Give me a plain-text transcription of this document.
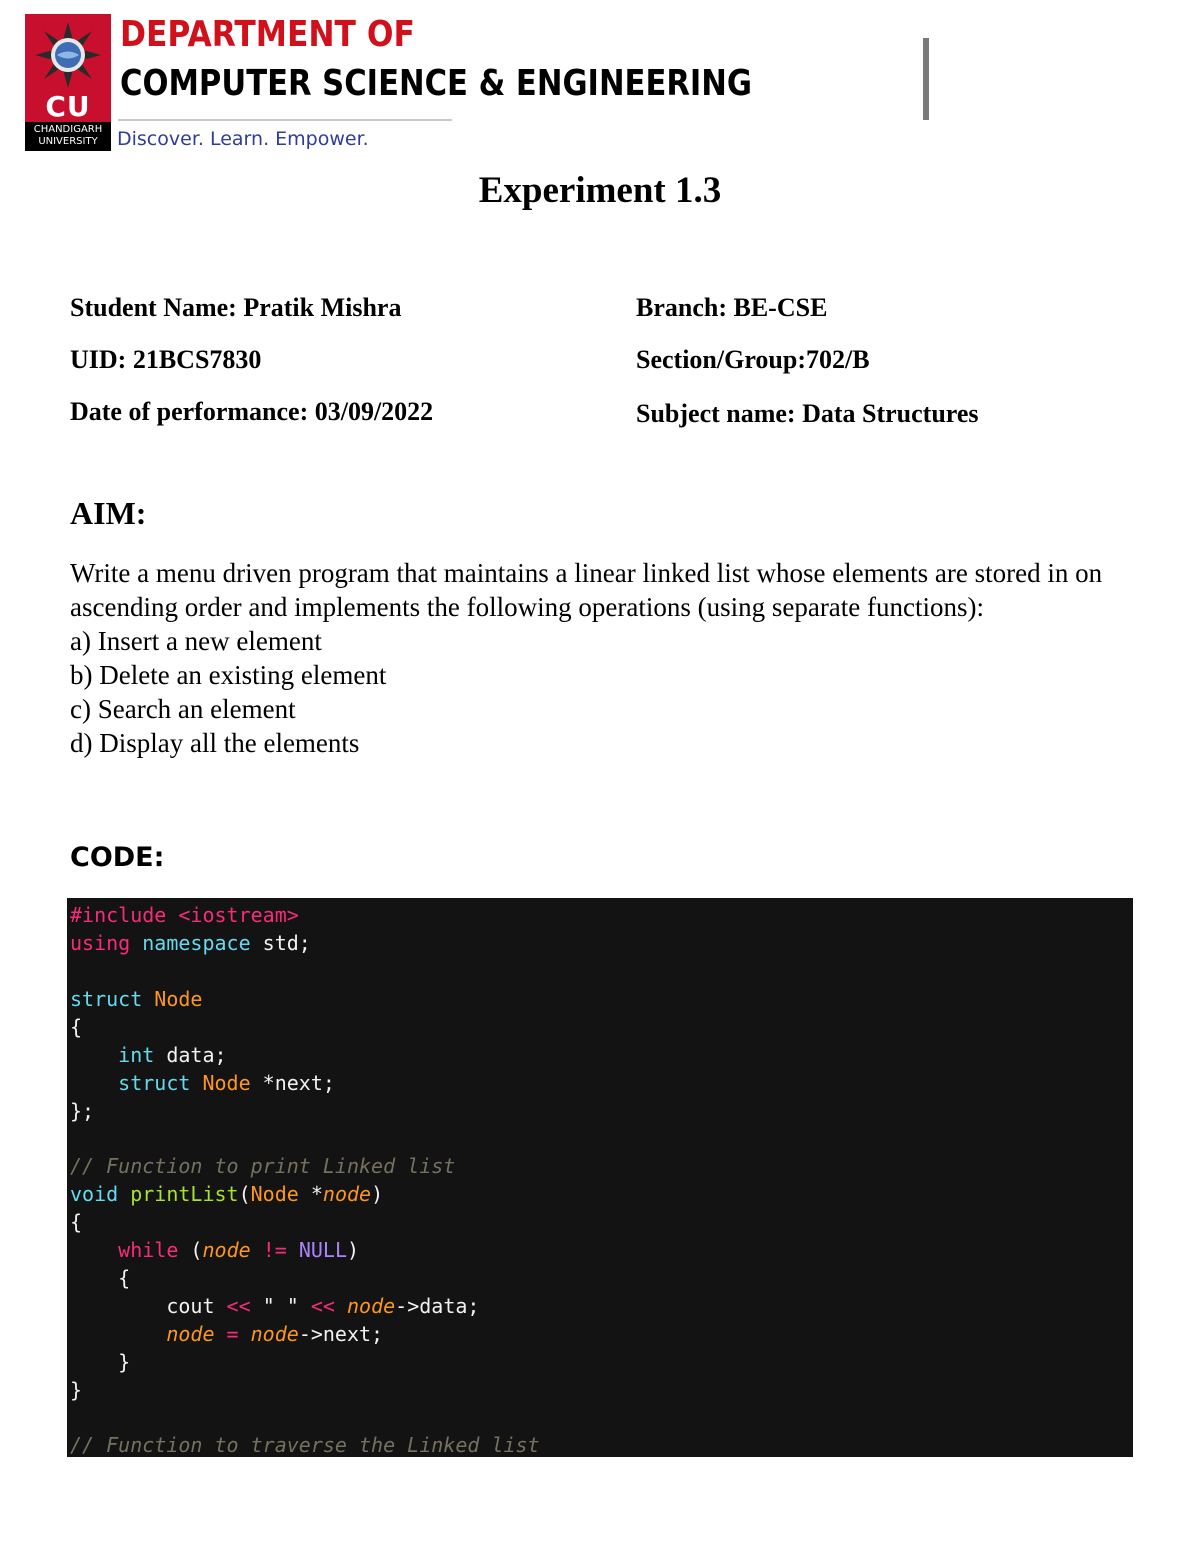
CU
CHANDIGARH
UNIVERSITY
DEPARTMENT OF
COMPUTER SCIENCE & ENGINEERING
Discover. Learn. Empower.
Experiment 1.3
Student Name: Pratik Mishra
UID: 21BCS7830
Date of performance: 03/09/2022
Branch: BE-CSE
Section/Group:702/B
Subject name: Data Structures
AIM:

Write a menu driven program that maintains a linear linked list whose elements are stored in on ascending order and implements the following operations (using separate functions):

a) Insert a new element

b) Delete an existing element

c) Search an element

d) Display all the elements

CODE:
#include <iostream>
using namespace std;

struct Node
{
int data;
struct Node *next;
};

// Function to print Linked list
void printList(Node *node)
{
while (node != NULL)
{
cout << " " << node->data;
node = node->next;
}
}

// Function to traverse the Linked list
